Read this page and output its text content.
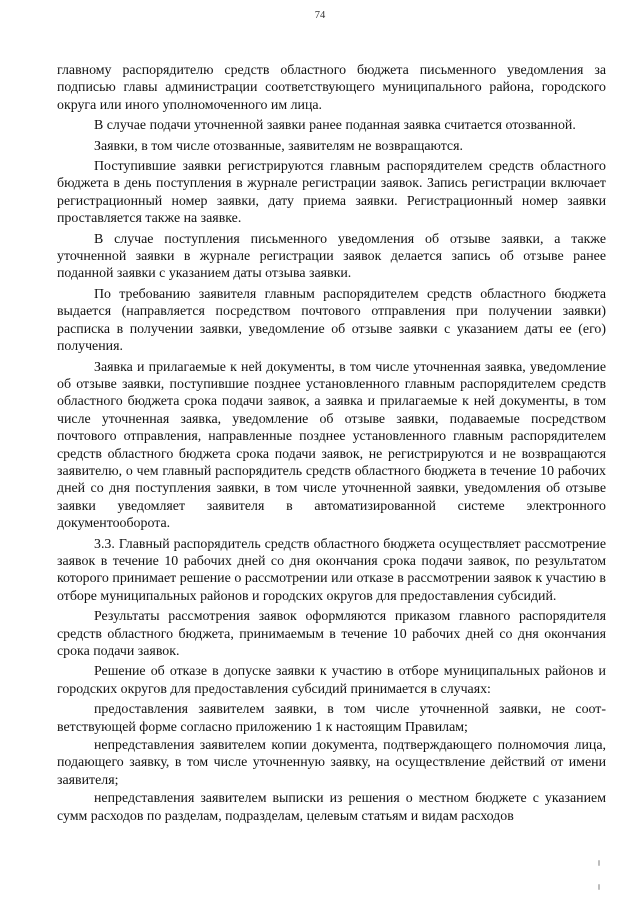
74

главному распорядителю средств областного бюджета письменного уведомления за подписью главы администрации соответствующего муниципального района, городского округа или иного уполномоченного им лица.

В случае подачи уточненной заявки ранее поданная заявка считается отозванной.

Заявки, в том числе отозванные, заявителям не возвращаются.

Поступившие заявки регистрируются главным распорядителем средств областного бюджета в день поступления в журнале регистрации заявок. Запись регистрации включает регистрационный номер заявки, дату приема заявки. Регистрационный номер заявки проставляется также на заявке.

В случае поступления письменного уведомления об отзыве заявки, а также уточненной заявки в журнале регистрации заявок делается запись об отзыве ранее поданной заявки с указанием даты отзыва заявки.

По требованию заявителя главным распорядителем средств областного бюджета выдается (направляется посредством почтового отправления при получении заявки) расписка в получении заявки, уведомление об отзыве заявки с указанием даты ее (его) получения.

Заявка и прилагаемые к ней документы, в том числе уточненная заявка, уведомление об отзыве заявки, поступившие позднее установленного главным распорядителем средств областного бюджета срока подачи заявок, а заявка и прилагаемые к ней документы, в том числе уточненная заявка, уведомление об отзыве заявки, подаваемые посредством почтового отправления, направленные позднее установленного главным распорядителем средств областного бюджета срока подачи заявок, не регистрируются и не возвращаются заявителю, о чем главный распорядитель средств областного бюджета в течение 10 рабочих дней со дня поступления заявки, в том числе уточненной заявки, уведомления об отзыве заявки уведомляет заявителя в автоматизированной системе электронного документооборота.

3.3. Главный распорядитель средств областного бюджета осуществляет рассмотрение заявок в течение 10 рабочих дней со дня окончания срока подачи заявок, по результатом которого принимает решение о рассмотрении или отказе в рассмотрении заявок к участию в отборе муниципальных районов и городских округов для предоставления субсидий.

Результаты рассмотрения заявок оформляются приказом главного распорядителя средств областного бюджета, принимаемым в течение 10 рабочих дней со дня окончания срока подачи заявок.

Решение об отказе в допуске заявки к участию в отборе муниципальных районов и городских округов для предоставления субсидий принимается в случаях:

предоставления заявителем заявки, в том числе уточненной заявки, не соответствующей форме согласно приложению 1 к настоящим Правилам;

непредставления заявителем копии документа, подтверждающего полномочия лица, подающего заявку, в том числе уточненную заявку, на осуществление действий от имени заявителя;

непредставления заявителем выписки из решения о местном бюджете с указанием сумм расходов по разделам, подразделам, целевым статьям и видам расходов
